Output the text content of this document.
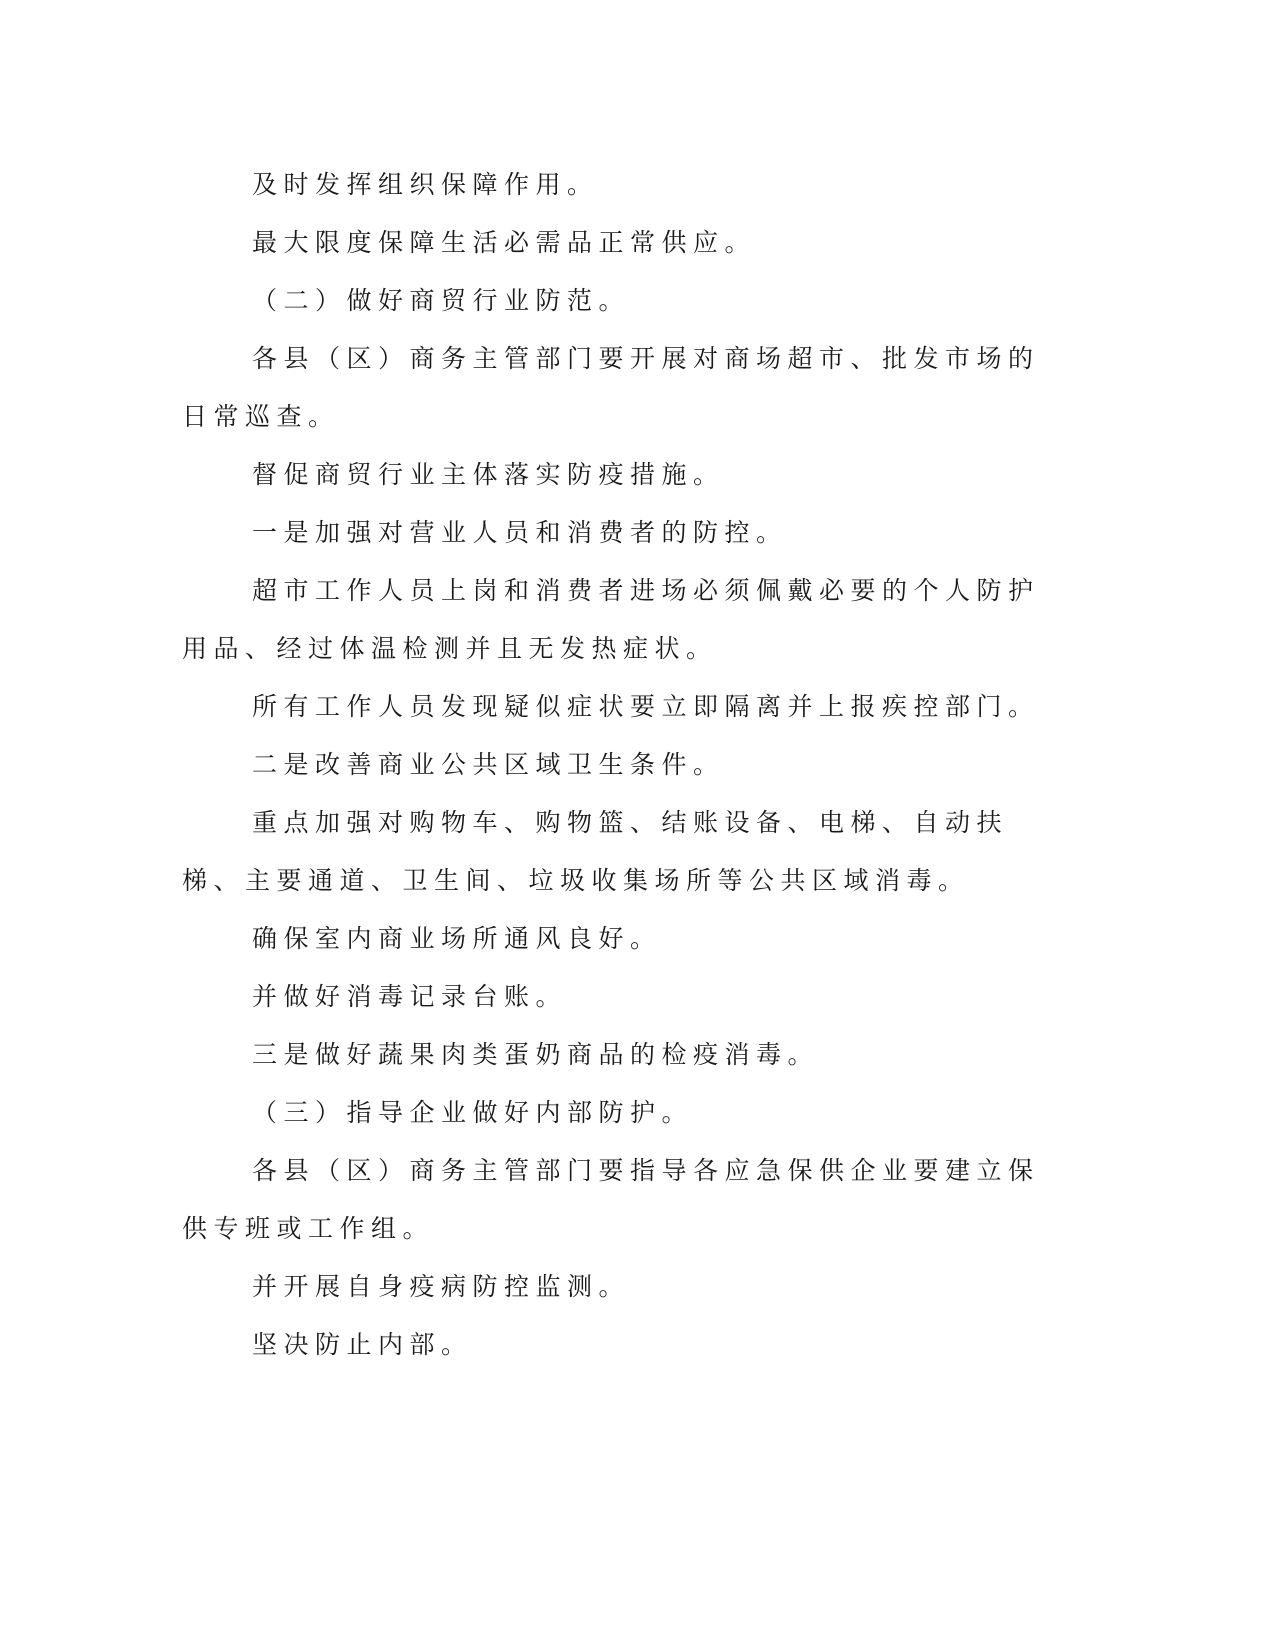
及时发挥组织保障作用。

最大限度保障生活必需品正常供应。

（二）做好商贸行业防范。

各县（区）商务主管部门要开展对商场超市、批发市场的日常巡查。

督促商贸行业主体落实防疫措施。

一是加强对营业人员和消费者的防控。

超市工作人员上岗和消费者进场必须佩戴必要的个人防护用品、经过体温检测并且无发热症状。

所有工作人员发现疑似症状要立即隔离并上报疾控部门。

二是改善商业公共区域卫生条件。

重点加强对购物车、购物篮、结账设备、电梯、自动扶梯、主要通道、卫生间、垃圾收集场所等公共区域消毒。

确保室内商业场所通风良好。

并做好消毒记录台账。

三是做好蔬果肉类蛋奶商品的检疫消毒。

（三）指导企业做好内部防护。

各县（区）商务主管部门要指导各应急保供企业要建立保供专班或工作组。

并开展自身疫病防控监测。

坚决防止内部。
